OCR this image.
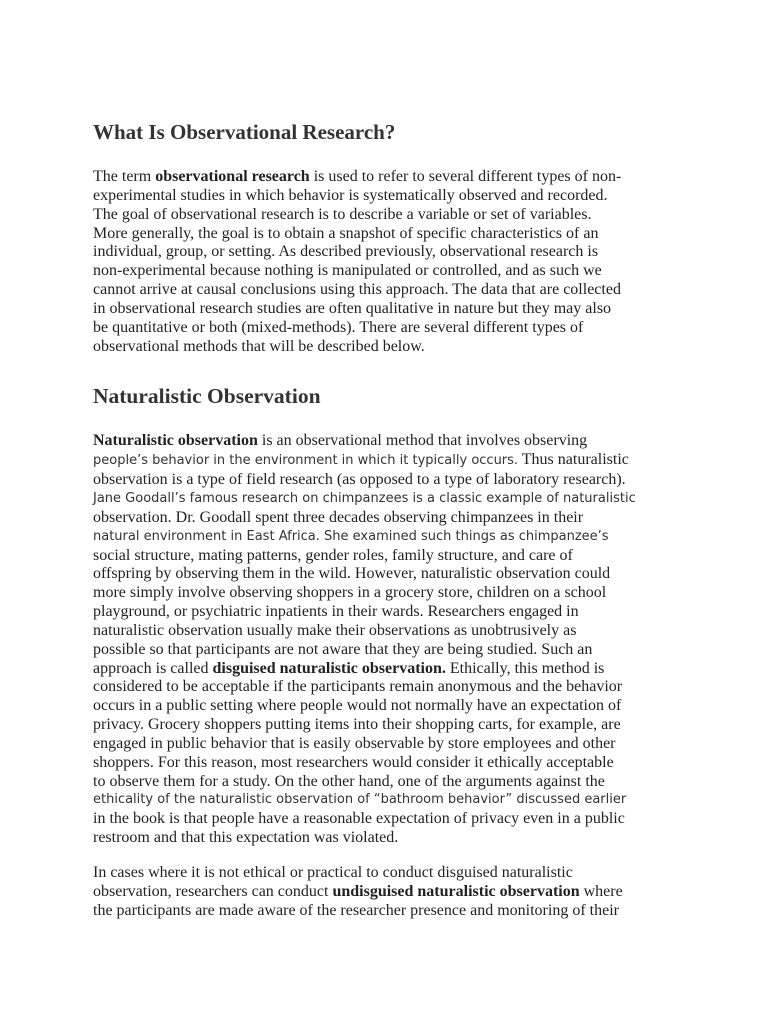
What Is Observational Research?

The term observational research is used to refer to several different types of non-
experimental studies in which behavior is systematically observed and recorded.
The goal of observational research is to describe a variable or set of variables.
More generally, the goal is to obtain a snapshot of specific characteristics of an
individual, group, or setting. As described previously, observational research is
non-experimental because nothing is manipulated or controlled, and as such we
cannot arrive at causal conclusions using this approach. The data that are collected
in observational research studies are often qualitative in nature but they may also
be quantitative or both (mixed-methods). There are several different types of
observational methods that will be described below.

Naturalistic Observation

Naturalistic observation is an observational method that involves observing
people’s behavior in the environment in which it typically occurs. Thus naturalistic
observation is a type of field research (as opposed to a type of laboratory research).
Jane Goodall’s famous research on chimpanzees is a classic example of naturalistic
observation. Dr. Goodall spent three decades observing chimpanzees in their
natural environment in East Africa. She examined such things as chimpanzee’s
social structure, mating patterns, gender roles, family structure, and care of
offspring by observing them in the wild. However, naturalistic observation could
more simply involve observing shoppers in a grocery store, children on a school
playground, or psychiatric inpatients in their wards. Researchers engaged in
naturalistic observation usually make their observations as unobtrusively as
possible so that participants are not aware that they are being studied. Such an
approach is called disguised naturalistic observation. Ethically, this method is
considered to be acceptable if the participants remain anonymous and the behavior
occurs in a public setting where people would not normally have an expectation of
privacy. Grocery shoppers putting items into their shopping carts, for example, are
engaged in public behavior that is easily observable by store employees and other
shoppers. For this reason, most researchers would consider it ethically acceptable
to observe them for a study. On the other hand, one of the arguments against the
ethicality of the naturalistic observation of “bathroom behavior” discussed earlier
in the book is that people have a reasonable expectation of privacy even in a public
restroom and that this expectation was violated.

In cases where it is not ethical or practical to conduct disguised naturalistic
observation, researchers can conduct undisguised naturalistic observation where
the participants are made aware of the researcher presence and monitoring of their
